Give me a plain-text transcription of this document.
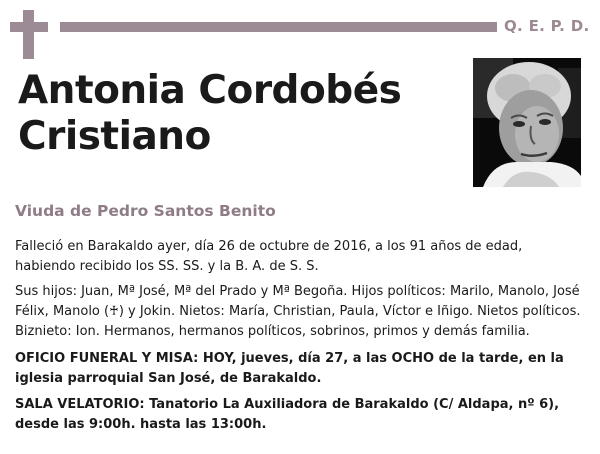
Q. E. P. D.
Antonia Cordobés
Cristiano
Viuda de Pedro Santos Benito

Falleció en Barakaldo ayer, día 26 de octubre de 2016, a los 91 años de edad, habiendo recibido los SS. SS. y la B. A. de S. S.

Sus hijos: Juan, Mª José, Mª del Prado y Mª Begoña. Hijos políticos: Marilo, Manolo, José Félix, Manolo (♰) y Jokin. Nietos: María, Christian, Paula, Víctor e Iñigo. Nietos políticos. Biznieto: Ion. Hermanos, hermanos políticos, sobrinos, primos y demás familia.

OFICIO FUNERAL Y MISA: HOY, jueves, día 27, a las OCHO de la tarde, en la iglesia parroquial San José, de Barakaldo.

SALA VELATORIO: Tanatorio La Auxiliadora de Barakaldo (C/ Aldapa, nº 6), desde las 9:00h. hasta las 13:00h.
